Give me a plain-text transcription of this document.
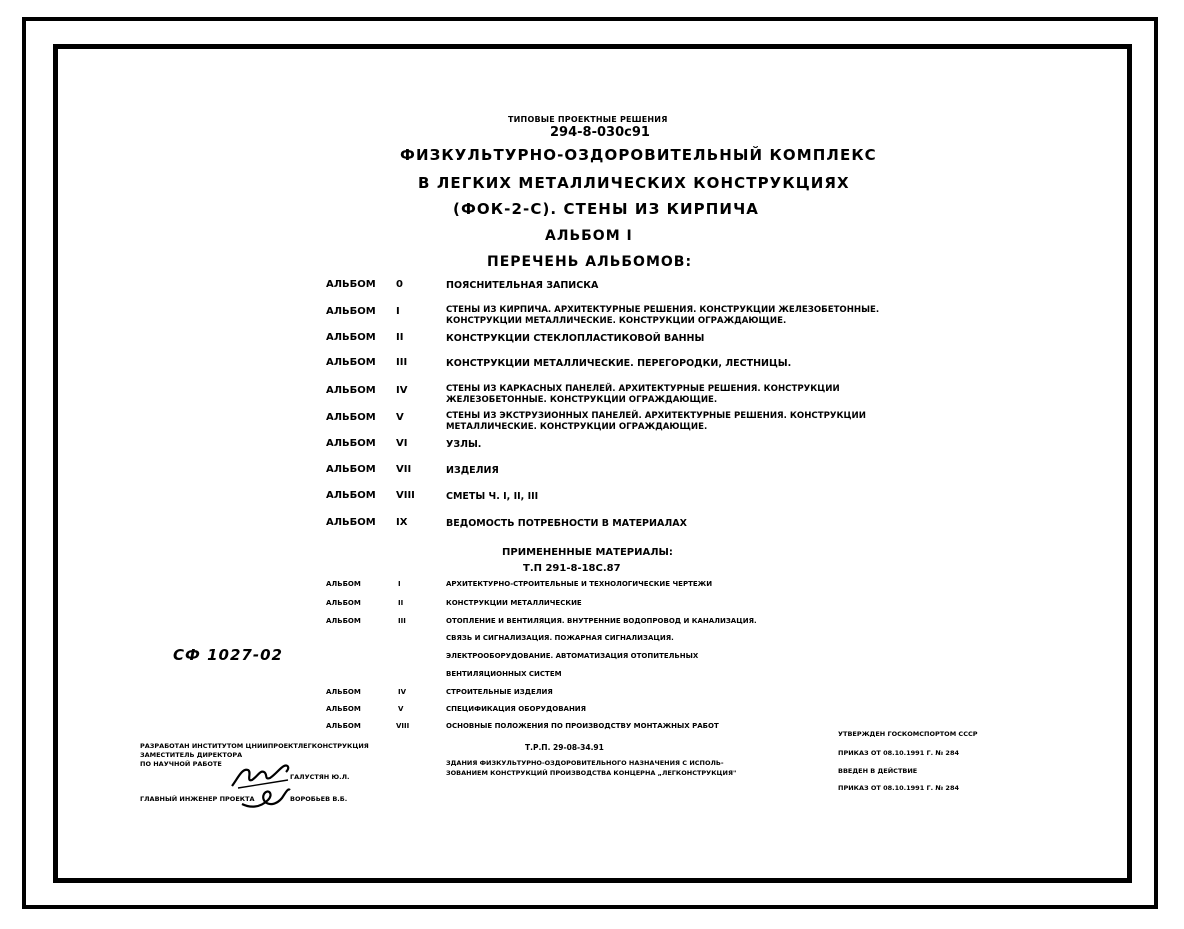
ТИПОВЫЕ ПРОЕКТНЫЕ РЕШЕНИЯ
294-8-030с91
ФИЗКУЛЬТУРНО-ОЗДОРОВИТЕЛЬНЫЙ КОМПЛЕКС
В ЛЕГКИХ МЕТАЛЛИЧЕСКИХ КОНСТРУКЦИЯХ
(ФОК-2-С). СТЕНЫ ИЗ КИРПИЧА
АЛЬБОМ I
ПЕРЕЧЕНЬ АЛЬБОМОВ:
АЛЬБОМ 0	ПОЯСНИТЕЛЬНАЯ ЗАПИСКА
АЛЬБОМ I	СТЕНЫ ИЗ КИРПИЧА. АРХИТЕКТУРНЫЕ РЕШЕНИЯ. КОНСТРУКЦИИ ЖЕЛЕЗОБЕТОННЫЕ.
КОНСТРУКЦИИ МЕТАЛЛИЧЕСКИЕ. КОНСТРУКЦИИ ОГРАЖДАЮЩИЕ.
АЛЬБОМ II	КОНСТРУКЦИИ СТЕКЛОПЛАСТИКОВОЙ ВАННЫ
АЛЬБОМ III	КОНСТРУКЦИИ МЕТАЛЛИЧЕСКИЕ. ПЕРЕГОРОДКИ, ЛЕСТНИЦЫ.
АЛЬБОМ IV	СТЕНЫ ИЗ КАРКАСНЫХ ПАНЕЛЕЙ. АРХИТЕКТУРНЫЕ РЕШЕНИЯ. КОНСТРУКЦИИ
ЖЕЛЕЗОБЕТОННЫЕ. КОНСТРУКЦИИ ОГРАЖДАЮЩИЕ.
АЛЬБОМ V	СТЕНЫ ИЗ ЭКСТРУЗИОННЫХ ПАНЕЛЕЙ. АРХИТЕКТУРНЫЕ РЕШЕНИЯ. КОНСТРУКЦИИ
МЕТАЛЛИЧЕСКИЕ. КОНСТРУКЦИИ ОГРАЖДАЮЩИЕ.
АЛЬБОМ VI	УЗЛЫ.
АЛЬБОМ VII	ИЗДЕЛИЯ
АЛЬБОМ VIII	СМЕТЫ Ч. I, II, III
АЛЬБОМ IX	ВЕДОМОСТЬ ПОТРЕБНОСТИ В МАТЕРИАЛАХ
ПРИМЕНЕННЫЕ МАТЕРИАЛЫ:
Т.П 291-8-18С.87
АЛЬБОМ	I	АРХИТЕКТУРНО-СТРОИТЕЛЬНЫЕ И ТЕХНОЛОГИЧЕСКИЕ ЧЕРТЕЖИ
АЛЬБОМ	II	КОНСТРУКЦИИ МЕТАЛЛИЧЕСКИЕ
АЛЬБОМ	III	ОТОПЛЕНИЕ И ВЕНТИЛЯЦИЯ. ВНУТРЕННИЕ ВОДОПРОВОД И КАНАЛИЗАЦИЯ.
СВЯЗЬ И СИГНАЛИЗАЦИЯ. ПОЖАРНАЯ СИГНАЛИЗАЦИЯ.
ЭЛЕКТРООБОРУДОВАНИЕ. АВТОМАТИЗАЦИЯ ОТОПИТЕЛЬНЫХ
ВЕНТИЛЯЦИОННЫХ СИСТЕМ
АЛЬБОМ	IV	СТРОИТЕЛЬНЫЕ ИЗДЕЛИЯ
АЛЬБОМ	V	СПЕЦИФИКАЦИЯ ОБОРУДОВАНИЯ
АЛЬБОМ	VIII	ОСНОВНЫЕ ПОЛОЖЕНИЯ ПО ПРОИЗВОДСТВУ МОНТАЖНЫХ РАБОТ
Т.Р.П. 29-08-34.91
ЗДАНИЯ ФИЗКУЛЬТУРНО-ОЗДОРОВИТЕЛЬНОГО НАЗНАЧЕНИЯ С ИСПОЛЬ-
ЗОВАНИЕМ КОНСТРУКЦИЙ ПРОИЗВОДСТВА КОНЦЕРНА „ЛЕГКОНСТРУКЦИЯ"
СФ 1027-02
РАЗРАБОТАН ИНСТИТУТОМ ЦНИИПРОЕКТЛЕГКОНСТРУКЦИЯ
ЗАМЕСТИТЕЛЬ ДИРЕКТОРА
ПО НАУЧНОЙ РАБОТЕ
ГАЛУСТЯН Ю.Л.
ГЛАВНЫЙ ИНЖЕНЕР ПРОЕКТА	ВОРОБЬЕВ В.Б.
УТВЕРЖДЕН ГОСКОМСПОРТОМ СССР
ПРИКАЗ ОТ 08.10.1991 Г. № 284
ВВЕДЕН В ДЕЙСТВИЕ
ПРИКАЗ ОТ 08.10.1991 Г. № 284
